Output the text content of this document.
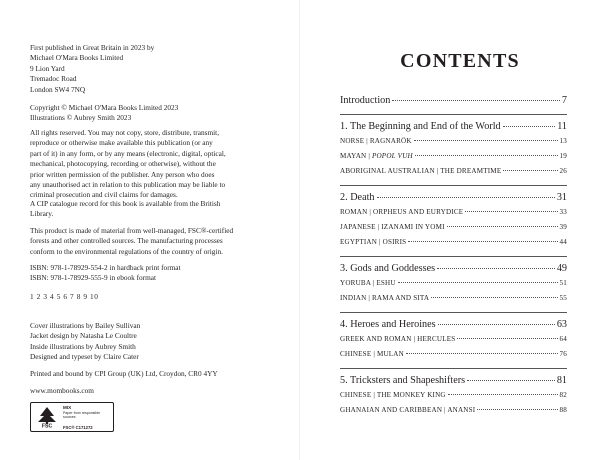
First published in Great Britain in 2023 by

Michael O'Mara Books Limited

9 Lion Yard

Tremadoc Road

London SW4 7NQ

Copyright © Michael O'Mara Books Limited 2023

Illustrations © Aubrey Smith 2023

All rights reserved. You may not copy, store, distribute, transmit,

reproduce or otherwise make available this publication (or any

part of it) in any form, or by any means (electronic, digital, optical,

mechanical, photocopying, recording or otherwise), without the

prior written permission of the publisher. Any person who does

any unauthorised act in relation to this publication may be liable to

criminal prosecution and civil claims for damages.

A CIP catalogue record for this book is available from the British

Library.

This product is made of material from well-managed, FSC®-certified

forests and other controlled sources. The manufacturing processes

conform to the environmental regulations of the country of origin.

ISBN: 978-1-78929-554-2 in hardback print format

ISBN: 978-1-78929-555-9 in ebook format

1 2 3 4 5 6 7 8 9 10

Cover illustrations by Bailey Sullivan

Jacket design by Natasha Le Coultre

Inside illustrations by Aubrey Smith

Designed and typeset by Claire Cater

Printed and bound by CPI Group (UK) Ltd, Croydon, CR0 4YY
www.mombooks.com
FSC
MIX
Paper from responsible sources
FSC® C171272
CONTENTS
Introduction	7
1. The Beginning and End of the World	11
NORSE | RAGNARÖK	13
MAYAN | POPOL VUH	19
ABORIGINAL AUSTRALIAN | THE DREAMTIME	26
2. Death	31
ROMAN | ORPHEUS AND EURYDICE	33
JAPANESE | IZANAMI IN YOMI	39
EGYPTIAN | OSIRIS	44
3. Gods and Goddesses	49
YORUBA | ESHU	51
INDIAN | RAMA AND SITA	55
4. Heroes and Heroines	63
GREEK AND ROMAN | HERCULES	64
CHINESE | MULAN	76
5. Tricksters and Shapeshifters	81
CHINESE | THE MONKEY KING	82
GHANAIAN AND CARIBBEAN | ANANSI	88
